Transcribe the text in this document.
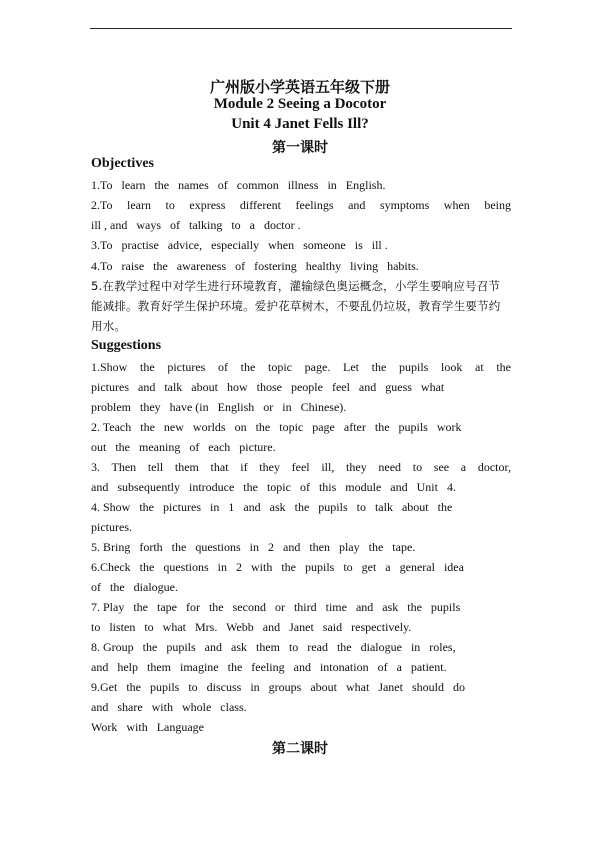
广州版小学英语五年级下册
Module 2 Seeing a Docotor
Unit 4 Janet Fells Ill?
第一课时
Objectives
1.To   learn   the   names   of   common   illness   in   English.
2.To learn to express different feelings and symptoms when being
ill , and   ways   of   talking   to   a   doctor .
3.To   practise   advice,   especially   when   someone   is   ill .
4.To   raise   the   awareness   of   fostering   healthy   living   habits.
5.在教学过程中对学生进行环境教育，灌输绿色奥运概念，小学生要响应号召节
能减排。教育好学生保护环境。爱护花草树木，不要乱仍垃圾，教育学生要节约
用水。
Suggestions
1.Show the pictures of the topic page. Let the pupils look at the
pictures   and   talk   about   how   those   people   feel   and   guess   what
problem   they   have (in   English   or   in   Chinese).
2. Teach   the   new   worlds   on   the   topic   page   after   the   pupils   work
out   the   meaning   of   each   picture.
3. Then tell them that if they feel ill, they need to see a doctor,
and   subsequently   introduce   the   topic   of   this   module   and   Unit   4.
4. Show   the   pictures   in   1   and   ask   the   pupils   to   talk   about   the
pictures.
5. Bring   forth   the   questions   in   2   and   then   play   the   tape.
6.Check   the   questions   in   2   with   the   pupils   to   get   a   general   idea
of   the   dialogue.
7. Play   the   tape   for   the   second   or   third   time   and   ask   the   pupils
to   listen   to   what   Mrs.   Webb   and   Janet   said   respectively.
8. Group   the   pupils   and   ask   them   to   read   the   dialogue   in   roles,
and   help   them   imagine   the   feeling   and   intonation   of   a   patient.
9.Get   the   pupils   to   discuss   in   groups   about   what   Janet   should   do
and   share   with   whole   class.
Work   with   Language
第二课时
